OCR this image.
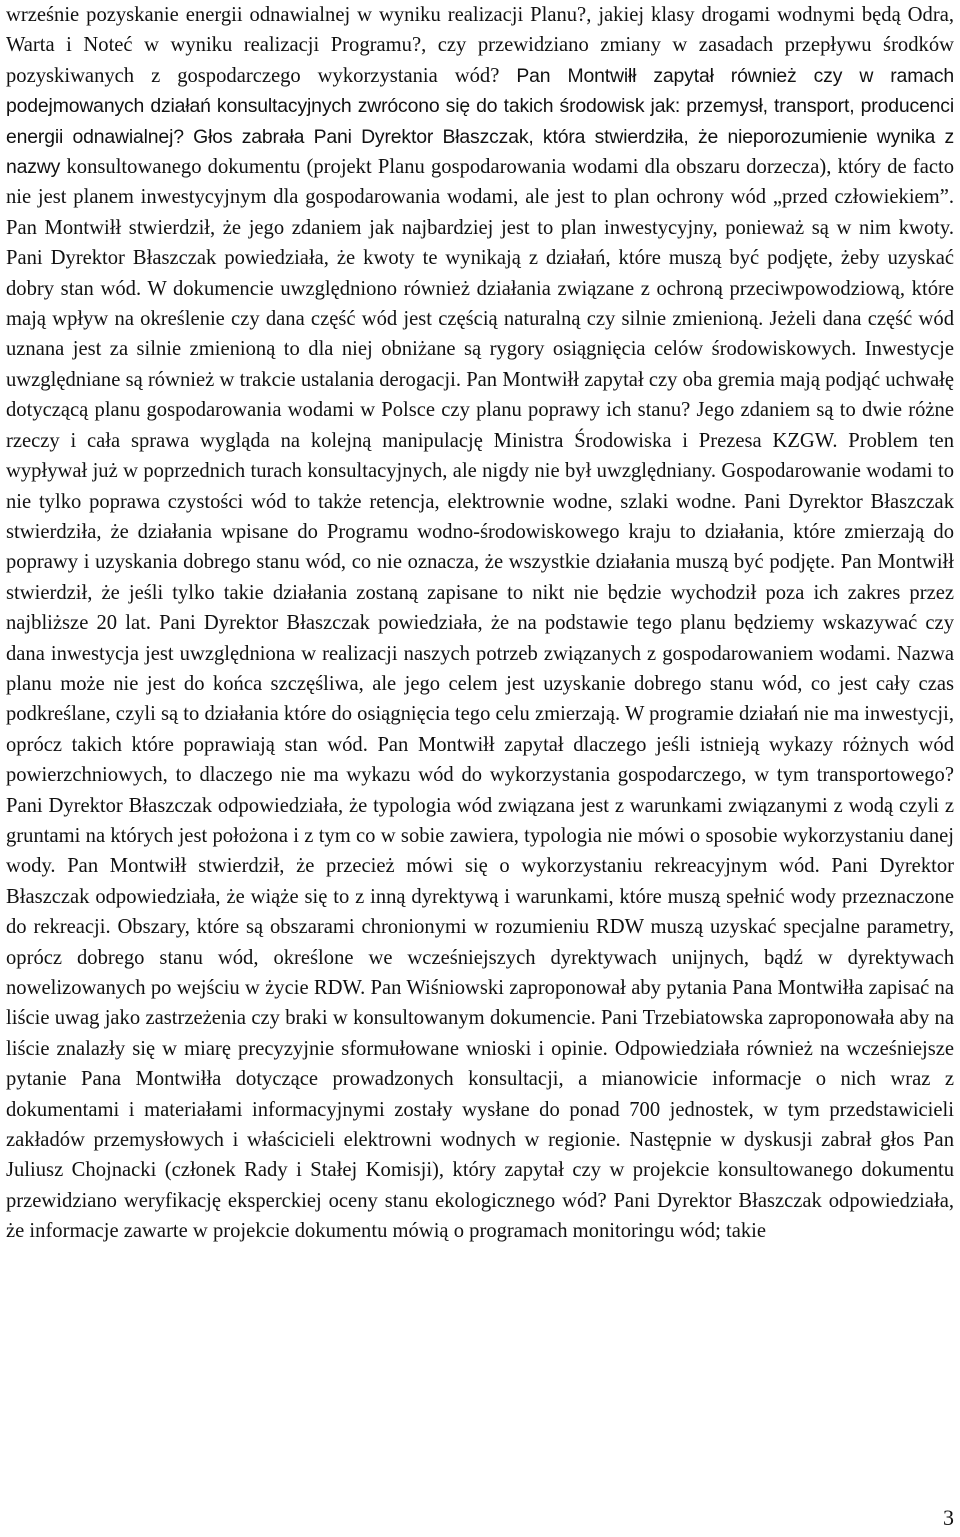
wrześnie pozyskanie energii odnawialnej w wyniku realizacji Planu?, jakiej klasy drogami wodnymi będą Odra, Warta i Noteć w wyniku realizacji Programu?, czy przewidziano zmiany w zasadach przepływu środków pozyskiwanych z gospodarczego wykorzystania wód? Pan Montwiłł zapytał również czy w ramach podejmowanych działań konsultacyjnych zwrócono się do takich środowisk jak: przemysł, transport, producenci energii odnawialnej? Głos zabrała Pani Dyrektor Błaszczak, która stwierdziła, że nieporozumienie wynika z nazwy konsultowanego dokumentu (projekt Planu gospodarowania wodami dla obszaru dorzecza), który de facto nie jest planem inwestycyjnym dla gospodarowania wodami, ale jest to plan ochrony wód „przed człowiekiem”. Pan Montwiłł stwierdził, że jego zdaniem jak najbardziej jest to plan inwestycyjny, ponieważ są w nim kwoty. Pani Dyrektor Błaszczak powiedziała, że kwoty te wynikają z działań, które muszą być podjęte, żeby uzyskać dobry stan wód. W dokumencie uwzględniono również działania związane z ochroną przeciwpowodziową, które mają wpływ na określenie czy dana część wód jest częścią naturalną czy silnie zmienioną. Jeżeli dana część wód uznana jest za silnie zmienioną to dla niej obniżane są rygory osiągnięcia celów środowiskowych. Inwestycje uwzględniane są również w trakcie ustalania derogacji. Pan Montwiłł zapytał czy oba gremia mają podjąć uchwałę dotyczącą planu gospodarowania wodami w Polsce czy planu poprawy ich stanu? Jego zdaniem są to dwie różne rzeczy i cała sprawa wygląda na kolejną manipulację Ministra Środowiska i Prezesa KZGW. Problem ten wypływał już w poprzednich turach konsultacyjnych, ale nigdy nie był uwzględniany. Gospodarowanie wodami to nie tylko poprawa czystości wód to także retencja, elektrownie wodne, szlaki wodne. Pani Dyrektor Błaszczak stwierdziła, że działania wpisane do Programu wodno-środowiskowego kraju to działania, które zmierzają do poprawy i uzyskania dobrego stanu wód, co nie oznacza, że wszystkie działania muszą być podjęte. Pan Montwiłł stwierdził, że jeśli tylko takie działania zostaną zapisane to nikt nie będzie wychodził poza ich zakres przez najbliższe 20 lat. Pani Dyrektor Błaszczak powiedziała, że na podstawie tego planu będziemy wskazywać czy dana inwestycja jest uwzględniona w realizacji naszych potrzeb związanych z gospodarowaniem wodami. Nazwa planu może nie jest do końca szczęśliwa, ale jego celem jest uzyskanie dobrego stanu wód, co jest cały czas podkreślane, czyli są to działania które do osiągnięcia tego celu zmierzają. W programie działań nie ma inwestycji, oprócz takich które poprawiają stan wód. Pan Montwiłł zapytał dlaczego jeśli istnieją wykazy różnych wód powierzchniowych, to dlaczego nie ma wykazu wód do wykorzystania gospodarczego, w tym transportowego? Pani Dyrektor Błaszczak odpowiedziała, że typologia wód związana jest z warunkami związanymi z wodą czyli z gruntami na których jest położona i z tym co w sobie zawiera, typologia nie mówi o sposobie wykorzystaniu danej wody. Pan Montwiłł stwierdził, że przecież mówi się o wykorzystaniu rekreacyjnym wód. Pani Dyrektor Błaszczak odpowiedziała, że wiąże się to z inną dyrektywą i warunkami, które muszą spełnić wody przeznaczone do rekreacji. Obszary, które są obszarami chronionymi w rozumieniu RDW muszą uzyskać specjalne parametry, oprócz dobrego stanu wód, określone we wcześniejszych dyrektywach unijnych, bądź w dyrektywach nowelizowanych po wejściu w życie RDW. Pan Wiśniowski zaproponował aby pytania Pana Montwiłła zapisać na liście uwag jako zastrzeżenia czy braki w konsultowanym dokumencie. Pani Trzebiatowska zaproponowała aby na liście znalazły się w miarę precyzyjnie sformułowane wnioski i opinie. Odpowiedziała również na wcześniejsze pytanie Pana Montwiłła dotyczące prowadzonych konsultacji, a mianowicie informacje o nich wraz z dokumentami i materiałami informacyjnymi zostały wysłane do ponad 700 jednostek, w tym przedstawicieli zakładów przemysłowych i właścicieli elektrowni wodnych w regionie. Następnie w dyskusji zabrał głos Pan Juliusz Chojnacki (członek Rady i Stałej Komisji), który zapytał czy w projekcie konsultowanego dokumentu przewidziano weryfikację eksperckiej oceny stanu ekologicznego wód? Pani Dyrektor Błaszczak odpowiedziała, że informacje zawarte w projekcie dokumentu mówią o programach monitoringu wód; takie

3
